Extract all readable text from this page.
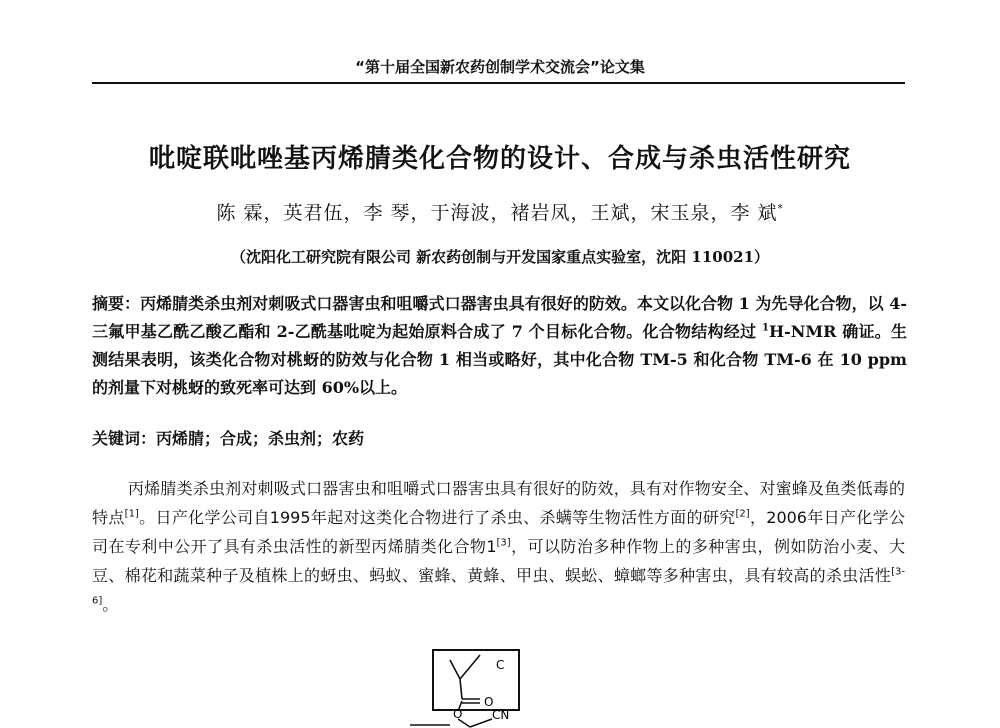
“第十届全国新农药创制学术交流会”论文集
吡啶联吡唑基丙烯腈类化合物的设计、合成与杀虫活性研究
陈 霖，英君伍，李 琴，于海波，褚岩凤，王斌，宋玉泉，李 斌*
（沈阳化工研究院有限公司 新农药创制与开发国家重点实验室，沈阳 110021）
摘要：丙烯腈类杀虫剂对刺吸式口器害虫和咀嚼式口器害虫具有很好的防效。本文以化合物 1 为先导化合物，以 4-三氟甲基乙酰乙酸乙酯和 2-乙酰基吡啶为起始原料合成了 7 个目标化合物。化合物结构经过 $^1$H-NMR 确证。生测结果表明，该类化合物对桃蚜的防效与化合物 1 相当或略好，其中化合物 TM-5 和化合物 TM-6 在 10 ppm 的剂量下对桃蚜的致死率可达到 60%以上。
关键词：丙烯腈；合成；杀虫剂；农药

丙烯腈类杀虫剂对刺吸式口器害虫和咀嚼式口器害虫具有很好的防效，具有对作物安全、对蜜蜂及鱼类低毒的特点[1]。日产化学公司自1995年起对这类化合物进行了杀虫、杀螨等生物活性方面的研究[2]，2006年日产化学公司在专利中公开了具有杀虫活性的新型丙烯腈类化合物1[3]，可以防治多种作物上的多种害虫，例如防治小麦、大豆、棉花和蔬菜种子及植株上的蚜虫、蚂蚁、蜜蜂、黄蜂、甲虫、蜈蚣、蟑螂等多种害虫，具有较高的杀虫活性[3-6]。

C
O
O CN
